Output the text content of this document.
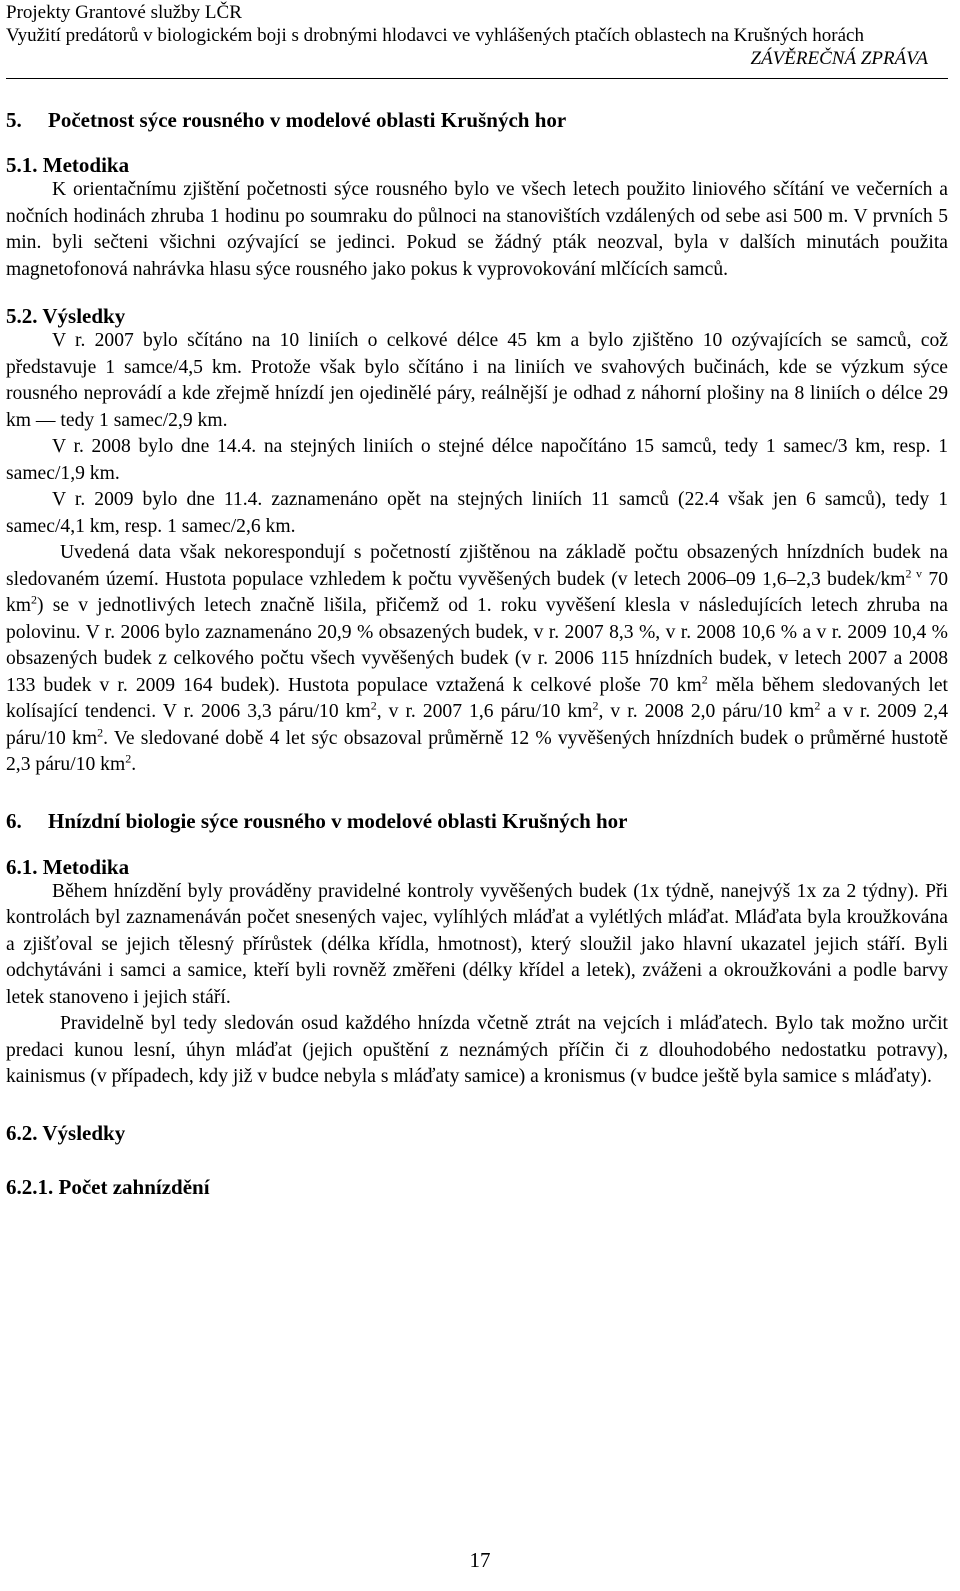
Projekty Grantové služby LČR
Využití predátorů v biologickém boji s drobnými hlodavci ve vyhlášených ptačích oblastech na Krušných horách
ZÁVĚREČNÁ ZPRÁVA
5. Početnost sýce rousného v modelové oblasti Krušných hor
5.1. Metodika

K orientačnímu zjištění početnosti sýce rousného bylo ve všech letech použito liniového sčítání ve večerních a nočních hodinách zhruba 1 hodinu po soumraku do půlnoci na stanovištích vzdálených od sebe asi 500 m. V prvních 5 min. byli sečteni všichni ozývající se jedinci. Pokud se žádný pták neozval, byla v dalších minutách použita magnetofonová nahrávka hlasu sýce rousného jako pokus k vyprovokování mlčících samců.

5.2. Výsledky

V r. 2007 bylo sčítáno na 10 liniích o celkové délce 45 km a bylo zjištěno 10 ozývajících se samců, což představuje 1 samce/4,5 km. Protože však bylo sčítáno i na liniích ve svahových bučinách, kde se výzkum sýce rousného neprovádí a kde zřejmě hnízdí jen ojedinělé páry, reálnější je odhad z náhorní plošiny na 8 liniích o délce 29 km — tedy 1 samec/2,9 km.

V r. 2008 bylo dne 14.4. na stejných liniích o stejné délce napočítáno 15 samců, tedy 1 samec/3 km, resp. 1 samec/1,9 km.

V r. 2009 bylo dne 11.4. zaznamenáno opět na stejných liniích 11 samců (22.4 však jen 6 samců), tedy 1 samec/4,1 km, resp. 1 samec/2,6 km.

Uvedená data však nekorespondují s početností zjištěnou na základě počtu obsazených hnízdních budek na sledovaném území. Hustota populace vzhledem k počtu vyvěšených budek (v letech 2006–09 1,6–2,3 budek/$km^{2 v}$ 70 $km^2$) se v jednotlivých letech značně lišila, přičemž od 1. roku vyvěšení klesla v následujících letech zhruba na polovinu. V r. 2006 bylo zaznamenáno 20,9 % obsazených budek, v r. 2007 8,3 %, v r. 2008 10,6 % a v r. 2009 10,4 % obsazených budek z celkového počtu všech vyvěšených budek (v r. 2006 115 hnízdních budek, v letech 2007 a 2008 133 budek v r. 2009 164 budek). Hustota populace vztažená k celkové ploše 70 $km^2$ měla během sledovaných let kolísající tendenci. V r. 2006 3,3 páru/10 $km^2$, v r. 2007 1,6 páru/10 $km^2$, v r. 2008 2,0 páru/10 $km^2$ a v r. 2009 2,4 páru/10 $km^2$. Ve sledované době 4 let sýc obsazoval průměrně 12 % vyvěšených hnízdních budek o průměrné hustotě 2,3 páru/10 $km^2$.

6. Hnízdní biologie sýce rousného v modelové oblasti Krušných hor
6.1. Metodika

Během hnízdění byly prováděny pravidelné kontroly vyvěšených budek (1x týdně, nanejvýš 1x za 2 týdny). Při kontrolách byl zaznamenáván počet snesených vajec, vylíhlých mláďat a vylétlých mláďat. Mláďata byla kroužkována a zjišťoval se jejich tělesný přírůstek (délka křídla, hmotnost), který sloužil jako hlavní ukazatel jejich stáří. Byli odchytáváni i samci a samice, kteří byli rovněž změřeni (délky křídel a letek), zváženi a okroužkováni a podle barvy letek stanoveno i jejich stáří.

Pravidelně byl tedy sledován osud každého hnízda včetně ztrát na vejcích i mláďatech. Bylo tak možno určit predaci kunou lesní, úhyn mláďat (jejich opuštění z neznámých příčin či z dlouhodobého nedostatku potravy), kainismus (v případech, kdy již v budce nebyla s mláďaty samice) a kronismus (v budce ještě byla samice s mláďaty).

6.2. Výsledky
6.2.1. Počet zahnízdění
17
